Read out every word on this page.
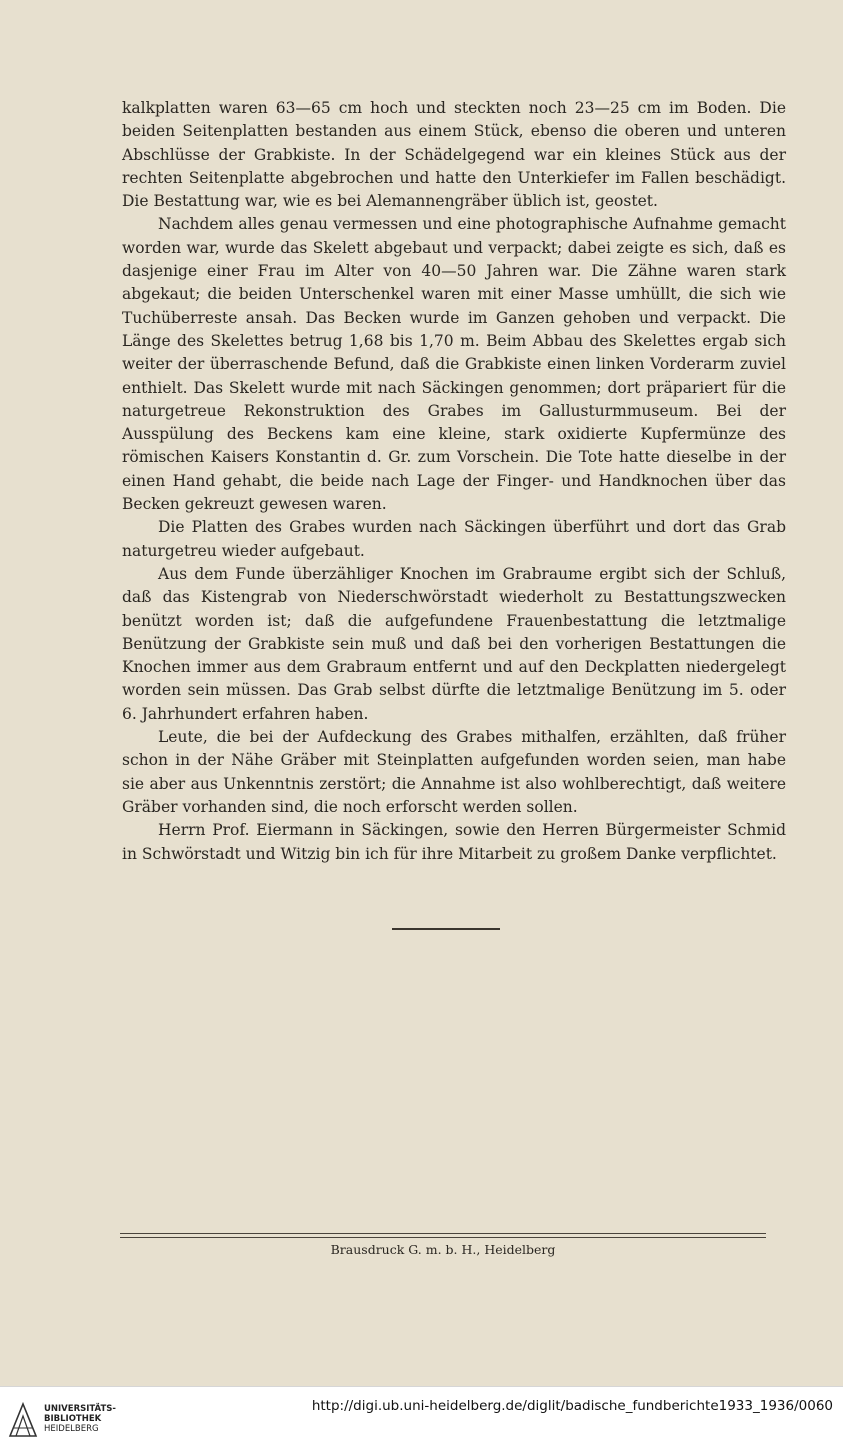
kalkplatten waren 63—65 cm hoch und steckten noch 23—25 cm im Boden. Die beiden Seitenplatten bestanden aus einem Stück, ebenso die oberen und unteren Abschlüsse der Grabkiste. In der Schädelgegend war ein kleines Stück aus der rechten Seitenplatte abgebrochen und hatte den Unterkiefer im Fallen beschädigt. Die Bestattung war, wie es bei Alemannengräber üblich ist, geostet.

Nachdem alles genau vermessen und eine photographische Aufnahme gemacht worden war, wurde das Skelett abgebaut und verpackt; dabei zeigte es sich, daß es dasjenige einer Frau im Alter von 40—50 Jahren war. Die Zähne waren stark abgekaut; die beiden Unterschenkel waren mit einer Masse umhüllt, die sich wie Tuchüberreste ansah. Das Becken wurde im Ganzen gehoben und verpackt. Die Länge des Skelettes betrug 1,68 bis 1,70 m. Beim Abbau des Skelettes ergab sich weiter der überraschende Befund, daß die Grabkiste einen linken Vorderarm zuviel enthielt. Das Skelett wurde mit nach Säckingen genommen; dort präpariert für die naturgetreue Rekonstruktion des Grabes im Gallusturmmuseum. Bei der Ausspülung des Beckens kam eine kleine, stark oxidierte Kupfermünze des römischen Kaisers Konstantin d. Gr. zum Vorschein. Die Tote hatte dieselbe in der einen Hand gehabt, die beide nach Lage der Finger- und Handknochen über das Becken gekreuzt gewesen waren.

Die Platten des Grabes wurden nach Säckingen überführt und dort das Grab naturgetreu wieder aufgebaut.

Aus dem Funde überzähliger Knochen im Grabraume ergibt sich der Schluß, daß das Kistengrab von Niederschwörstadt wiederholt zu Bestattungszwecken benützt worden ist; daß die aufgefundene Frauenbestattung die letztmalige Benützung der Grabkiste sein muß und daß bei den vorherigen Bestattungen die Knochen immer aus dem Grabraum entfernt und auf den Deckplatten niedergelegt worden sein müssen. Das Grab selbst dürfte die letztmalige Benützung im 5. oder 6. Jahrhundert erfahren haben.

Leute, die bei der Aufdeckung des Grabes mithalfen, erzählten, daß früher schon in der Nähe Gräber mit Steinplatten aufgefunden worden seien, man habe sie aber aus Unkenntnis zerstört; die Annahme ist also wohlberechtigt, daß weitere Gräber vorhanden sind, die noch erforscht werden sollen.

Herrn Prof. Eiermann in Säckingen, sowie den Herren Bürgermeister Schmid in Schwörstadt und Witzig bin ich für ihre Mitarbeit zu großem Danke verpflichtet.

Brausdruck G. m. b. H., Heidelberg
UNIVERSITÄTS-
BIBLIOTHEK
HEIDELBERG
http://digi.ub.uni-heidelberg.de/diglit/badische_fundberichte1933_1936/0060
